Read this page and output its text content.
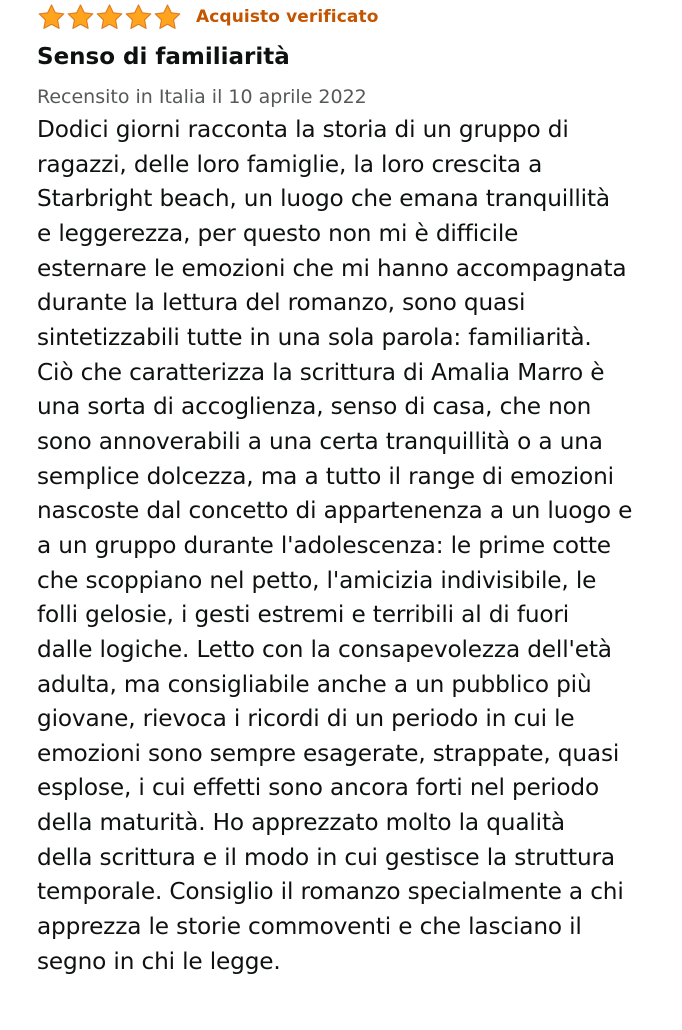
Acquisto verificato
Senso di familiarità
Recensito in Italia il 10 aprile 2022
Dodici giorni racconta la storia di un gruppo di
ragazzi, delle loro famiglie, la loro crescita a
Starbright beach, un luogo che emana tranquillità
e leggerezza, per questo non mi è difficile
esternare le emozioni che mi hanno accompagnata
durante la lettura del romanzo, sono quasi
sintetizzabili tutte in una sola parola: familiarità.
Ciò che caratterizza la scrittura di Amalia Marro è
una sorta di accoglienza, senso di casa, che non
sono annoverabili a una certa tranquillità o a una
semplice dolcezza, ma a tutto il range di emozioni
nascoste dal concetto di appartenenza a un luogo e
a un gruppo durante l'adolescenza: le prime cotte
che scoppiano nel petto, l'amicizia indivisibile, le
folli gelosie, i gesti estremi e terribili al di fuori
dalle logiche. Letto con la consapevolezza dell'età
adulta, ma consigliabile anche a un pubblico più
giovane, rievoca i ricordi di un periodo in cui le
emozioni sono sempre esagerate, strappate, quasi
esplose, i cui effetti sono ancora forti nel periodo
della maturità. Ho apprezzato molto la qualità
della scrittura e il modo in cui gestisce la struttura
temporale. Consiglio il romanzo specialmente a chi
apprezza le storie commoventi e che lasciano il
segno in chi le legge.
